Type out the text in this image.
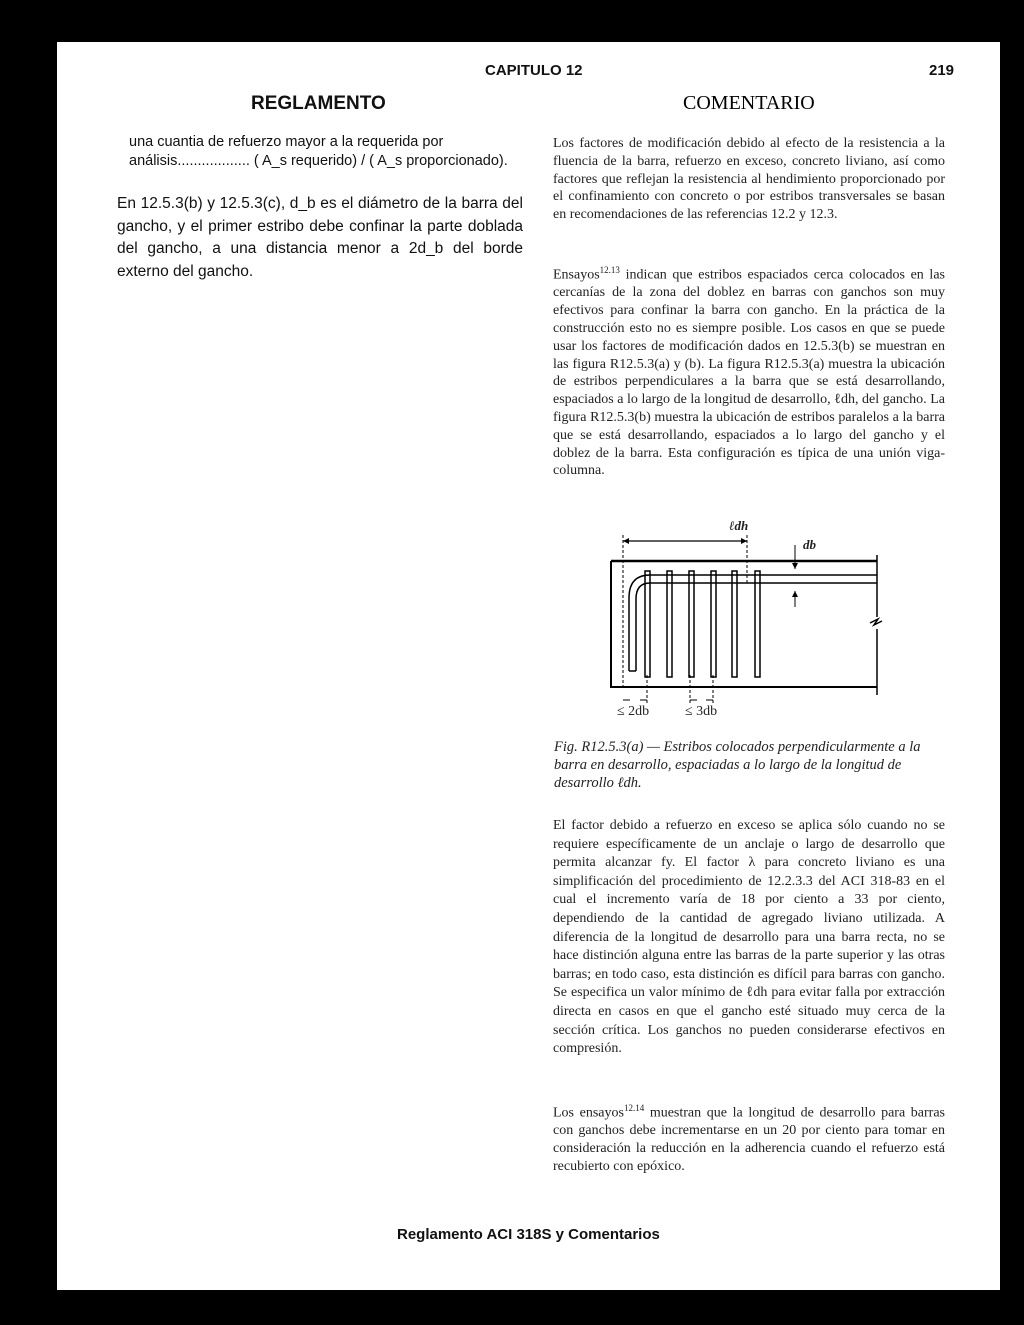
CAPITULO 12	219
REGLAMENTO
una cuantia de refuerzo mayor a la requerida por
análisis.................. ( A_s requerido) / ( A_s proporcionado).
En 12.5.3(b) y 12.5.3(c), d_b es el diámetro de la barra del gancho, y el primer estribo debe confinar la parte doblada del gancho, a una distancia menor a 2d_b del borde externo del gancho.
COMENTARIO

Los factores de modificación debido al efecto de la resistencia a la fluencia de la barra, refuerzo en exceso, concreto liviano, así como factores que reflejan la resistencia al hendimiento proporcionado por el confinamiento con concreto o por estribos transversales se basan en recomendaciones de las referencias 12.2 y 12.3.

Ensayos$^{12.13}$ indican que estribos espaciados cerca colocados en las cercanías de la zona del doblez en barras con ganchos son muy efectivos para confinar la barra con gancho. En la práctica de la construcción esto no es siempre posible. Los casos en que se puede usar los factores de modificación dados en 12.5.3(b) se muestran en las figura R12.5.3(a) y (b). La figura R12.5.3(a) muestra la ubicación de estribos perpendiculares a la barra que se está desarrollando, espaciados a lo largo de la longitud de desarrollo, ℓdh, del gancho. La figura R12.5.3(b) muestra la ubicación de estribos paralelos a la barra que se está desarrollando, espaciados a lo largo del gancho y el doblez de la barra. Esta configuración es típica de una unión viga-columna.

ℓdh
db
≤ 2db	≤ 3db
Fig. R12.5.3(a) — Estribos colocados perpendicularmente a la barra en desarrollo, espaciadas a lo largo de la longitud de desarrollo ℓdh.

El factor debido a refuerzo en exceso se aplica sólo cuando no se requiere específicamente de un anclaje o largo de desarrollo que permita alcanzar fy. El factor λ para concreto liviano es una simplificación del procedimiento de 12.2.3.3 del ACI 318-83 en el cual el incremento varía de 18 por ciento a 33 por ciento, dependiendo de la cantidad de agregado liviano utilizada. A diferencia de la longitud de desarrollo para una barra recta, no se hace distinción alguna entre las barras de la parte superior y las otras barras; en todo caso, esta distinción es difícil para barras con gancho. Se especifica un valor mínimo de ℓdh para evitar falla por extracción directa en casos en que el gancho esté situado muy cerca de la sección crítica. Los ganchos no pueden considerarse efectivos en compresión.

Los ensayos$^{12.14}$ muestran que la longitud de desarrollo para barras con ganchos debe incrementarse en un 20 por ciento para tomar en consideración la reducción en la adherencia cuando el refuerzo está recubierto con epóxico.

Reglamento ACI 318S y Comentarios
